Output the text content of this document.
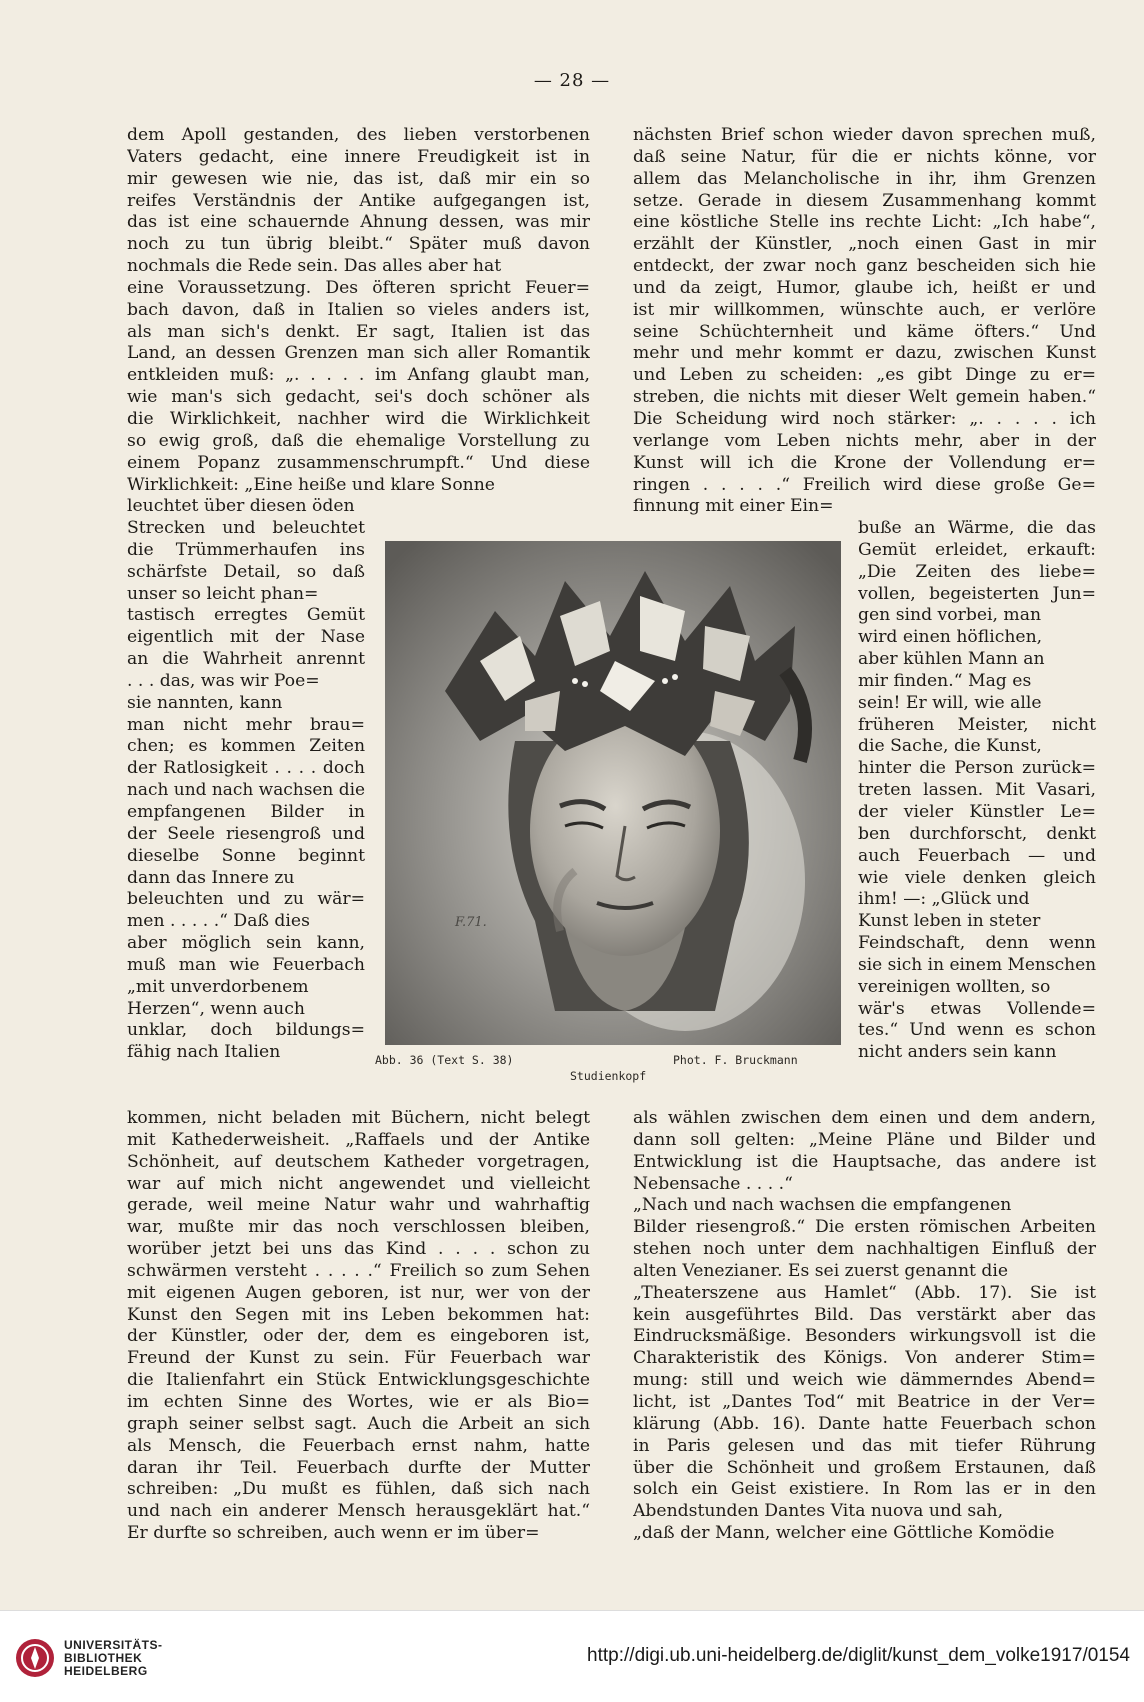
— 28 —
dem Apoll gestanden, des lieben verstorbenen
Vaters gedacht, eine innere Freudigkeit ist in
mir gewesen wie nie, das ist, daß mir ein so
reifes Verständnis der Antike aufgegangen ist,
das ist eine schauernde Ahnung dessen, was mir
noch zu tun übrig bleibt.“ Später muß davon
nochmals die Rede sein. Das alles aber hat
eine Voraussetzung. Des öfteren spricht Feuer=
bach davon, daß in Italien so vieles anders ist,
als man sich's denkt. Er sagt, Italien ist das
Land, an dessen Grenzen man sich aller Romantik
entkleiden muß: „. . . . . im Anfang glaubt man,
wie man's sich gedacht, sei's doch schöner als
die Wirklichkeit, nachher wird die Wirklichkeit
so ewig groß, daß die ehemalige Vorstellung zu
einem Popanz zusammenschrumpft.“ Und diese
Wirklichkeit: „Eine heiße und klare Sonne
leuchtet über diesen öden
Strecken und beleuchtet
die Trümmerhaufen ins
schärfste Detail, so daß
unser so leicht phan=
tastisch erregtes Gemüt
eigentlich mit der Nase
an die Wahrheit anrennt
. . . das, was wir Poe=
sie nannten, kann
man nicht mehr brau=
chen; es kommen Zeiten
der Ratlosigkeit . . . . doch
nach und nach wachsen die
empfangenen Bilder in
der Seele riesengroß und
dieselbe Sonne beginnt
dann das Innere zu
beleuchten und zu wär=
men . . . . .“ Daß dies
aber möglich sein kann,
muß man wie Feuerbach
„mit unverdorbenem
Herzen“, wenn auch
unklar, doch bildungs=
fähig nach Italien
kommen, nicht beladen mit Büchern, nicht belegt
mit Kathederweisheit. „Raffaels und der Antike
Schönheit, auf deutschem Katheder vorgetragen,
war auf mich nicht angewendet und vielleicht
gerade, weil meine Natur wahr und wahrhaftig
war, mußte mir das noch verschlossen bleiben,
worüber jetzt bei uns das Kind . . . . schon zu
schwärmen versteht . . . . .“ Freilich so zum Sehen
mit eigenen Augen geboren, ist nur, wer von der
Kunst den Segen mit ins Leben bekommen hat:
der Künstler, oder der, dem es eingeboren ist,
Freund der Kunst zu sein. Für Feuerbach war
die Italienfahrt ein Stück Entwicklungsgeschichte
im echten Sinne des Wortes, wie er als Bio=
graph seiner selbst sagt. Auch die Arbeit an sich
als Mensch, die Feuerbach ernst nahm, hatte
daran ihr Teil. Feuerbach durfte der Mutter
schreiben: „Du mußt es fühlen, daß sich nach
und nach ein anderer Mensch herausgeklärt hat.“
Er durfte so schreiben, auch wenn er im über=
nächsten Brief schon wieder davon sprechen muß,
daß seine Natur, für die er nichts könne, vor
allem das Melancholische in ihr, ihm Grenzen
setze. Gerade in diesem Zusammenhang kommt
eine köstliche Stelle ins rechte Licht: „Ich habe“,
erzählt der Künstler, „noch einen Gast in mir
entdeckt, der zwar noch ganz bescheiden sich hie
und da zeigt, Humor, glaube ich, heißt er und
ist mir willkommen, wünschte auch, er verlöre
seine Schüchternheit und käme öfters.“ Und
mehr und mehr kommt er dazu, zwischen Kunst
und Leben zu scheiden: „es gibt Dinge zu er=
streben, die nichts mit dieser Welt gemein haben.“
Die Scheidung wird noch stärker: „. . . . . ich
verlange vom Leben nichts mehr, aber in der
Kunst will ich die Krone der Vollendung er=
ringen . . . . .“ Freilich wird diese große Ge=
finnung mit einer Ein=
buße an Wärme, die das
Gemüt erleidet, erkauft:
„Die Zeiten des liebe=
vollen, begeisterten Jun=
gen sind vorbei, man
wird einen höflichen,
aber kühlen Mann an
mir finden.“ Mag es
sein! Er will, wie alle
früheren Meister, nicht
die Sache, die Kunst,
hinter die Person zurück=
treten lassen. Mit Vasari,
der vieler Künstler Le=
ben durchforscht, denkt
auch Feuerbach — und
wie viele denken gleich
ihm! —: „Glück und
Kunst leben in steter
Feindschaft, denn wenn
sie sich in einem Menschen
vereinigen wollten, so
wär's etwas Vollende=
tes.“ Und wenn es schon
nicht anders sein kann
als wählen zwischen dem einen und dem andern,
dann soll gelten: „Meine Pläne und Bilder und
Entwicklung ist die Hauptsache, das andere ist
Nebensache . . . .“
„Nach und nach wachsen die empfangenen
Bilder riesengroß.“ Die ersten römischen Arbeiten
stehen noch unter dem nachhaltigen Einfluß der
alten Venezianer. Es sei zuerst genannt die
„Theaterszene aus Hamlet“ (Abb. 17). Sie ist
kein ausgeführtes Bild. Das verstärkt aber das
Eindrucksmäßige. Besonders wirkungsvoll ist die
Charakteristik des Königs. Von anderer Stim=
mung: still und weich wie dämmerndes Abend=
licht, ist „Dantes Tod“ mit Beatrice in der Ver=
klärung (Abb. 16). Dante hatte Feuerbach schon
in Paris gelesen und das mit tiefer Rührung
über die Schönheit und großem Erstaunen, daß
solch ein Geist existiere. In Rom las er in den
Abendstunden Dantes Vita nuova und sah,
„daß der Mann, welcher eine Göttliche Komödie
F.71.
Abb. 36 (Text S. 38)
Studienkopf
Phot. F. Bruckmann
UNIVERSITÄTS-
BIBLIOTHEK
HEIDELBERG
http://digi.ub.uni-heidelberg.de/diglit/kunst_dem_volke1917/0154
